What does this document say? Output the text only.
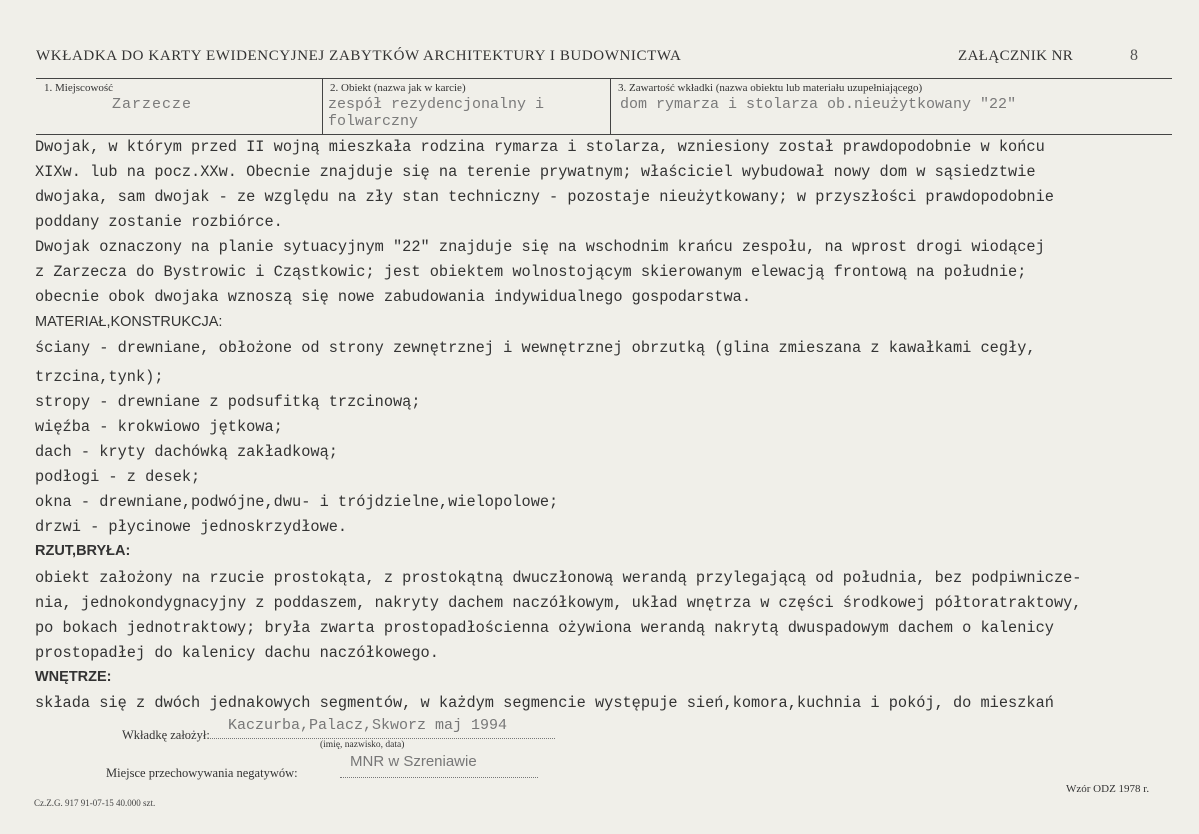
WKŁADKA DO KARTY EWIDENCYJNEJ ZABYTKÓW ARCHITEKTURY I BUDOWNICTWA	ZAŁĄCZNIK NR	8
1. Miejscowość
Zarzecze
2. Obiekt (nazwa jak w karcie)
zespół rezydencjonalny i
folwarczny
3. Zawartość wkładki (nazwa obiektu lub materiału uzupełniającego)
dom rymarza i stolarza ob.nieużytkowany "22"
Dwojak, w którym przed II wojną mieszkała rodzina rymarza i stolarza, wzniesiony został prawdopodobnie w końcu
XIXw. lub na pocz.XXw. Obecnie znajduje się na terenie prywatnym; właściciel wybudował nowy dom w sąsiedztwie
dwojaka, sam dwojak - ze względu na zły stan techniczny - pozostaje nieużytkowany; w przyszłości prawdopodobnie
poddany zostanie rozbiórce.
Dwojak oznaczony na planie sytuacyjnym "22" znajduje się na wschodnim krańcu zespołu, na wprost drogi wiodącej
z Zarzecza do Bystrowic i Cząstkowic; jest obiektem wolnostojącym skierowanym elewacją frontową na południe;
obecnie obok dwojaka wznoszą się nowe zabudowania indywidualnego gospodarstwa.
MATERIAŁ,KONSTRUKCJA:
ściany - drewniane, obłożone od strony zewnętrznej i wewnętrznej obrzutką (glina zmieszana z kawałkami cegły,
trzcina,tynk);
stropy - drewniane z podsufitką trzcinową;
więźba - krokwiowo jętkowa;
dach - kryty dachówką zakładkową;
podłogi - z desek;
okna - drewniane,podwójne,dwu- i trójdzielne,wielopolowe;
drzwi - płycinowe jednoskrzydłowe.
RZUT,BRYŁA:
obiekt założony na rzucie prostokąta, z prostokątną dwuczłonową werandą przylegającą od południa, bez podpiwnicze-
nia, jednokondygnacyjny z poddaszem, nakryty dachem naczółkowym, układ wnętrza w części środkowej półtoratraktowy,
po bokach jednotraktowy; bryła zwarta prostopadłościenna ożywiona werandą nakrytą dwuspadowym dachem o kalenicy
prostopadłej do kalenicy dachu naczółkowego.
WNĘTRZE:
składa się z dwóch jednakowych segmentów, w każdym segmencie występuje sień,komora,kuchnia i pokój, do mieszkań
Wkładkę założył:
Kaczurba,Palacz,Skworz maj 1994
(imię, nazwisko, data)
Miejsce przechowywania negatywów:
MNR w Szreniawie
Cz.Z.G. 917 91-07-15 40.000 szt.
Wzór ODZ 1978 r.
